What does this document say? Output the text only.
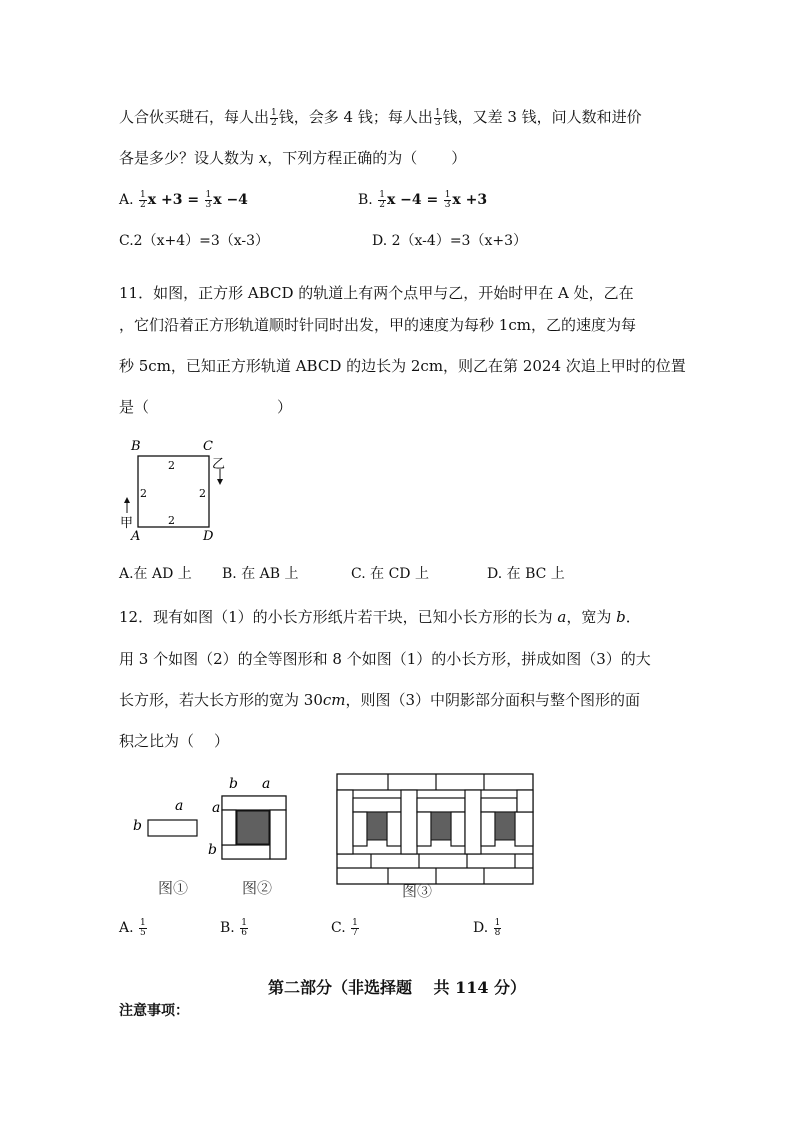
人合伙买琎石，每人出 $\frac{1}{2}$ 钱，会多 4 钱；每人出 $\frac{1}{3}$ 钱，又差 3 钱，问人数和进价
各是多少？设人数为 x，下列方程正确的为（ ）
A. $\frac{1}{2}$ $x +3 = \frac{1}{3}$ x −4	B. $\frac{1}{2}$ $x -4 = \frac{1}{3}$ x +3
C.2（x+4）=3（x-3）	D. 2（x-4）=3（x+3）
11．如图，正方形 ABCD 的轨道上有两个点甲与乙，开始时甲在 A 处，乙在
，它们沿着正方形轨道顺时针同时出发，甲的速度为每秒 1cm，乙的速度为每
秒 5cm，已知正方形轨道 ABCD 的边长为 2cm，则乙在第 2024 次追上甲时的位置
是（	）
B	C
A	D
2
2	2
2
乙
甲
A.在 AD 上 B. 在 AB 上	C. 在 CD 上	D. 在 BC 上
12．现有如图（1）的小长方形纸片若干块，已知小长方形的长为 a，宽为 b．
用 3 个如图（2）的全等图形和 8 个如图（1）的小长方形，拼成如图（3）的大
长方形，若大长方形的宽为 30cm，则图（3）中阴影部分面积与整个图形的面
积之比为（ ）
a
b
图①
b a
a
b
图②	图③
A. $\frac{1}{5}$	B. $\frac{1}{6}$	C. $\frac{1}{7}$	D. $\frac{1}{8}$
第二部分（非选择题　 共 114 分）
注意事项：
